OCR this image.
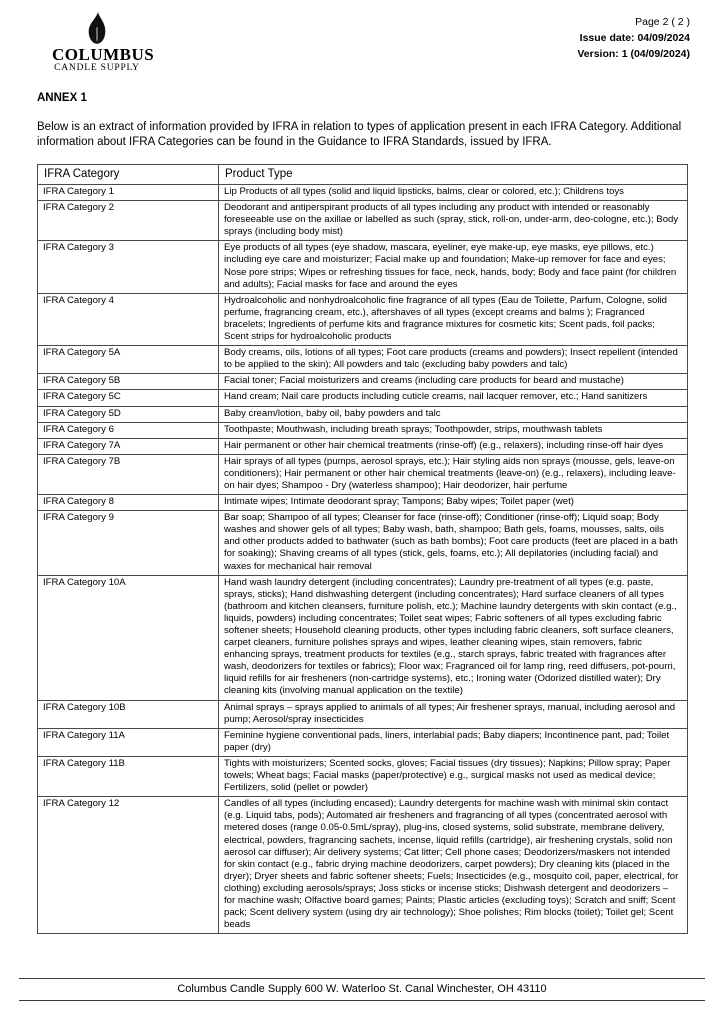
COLUMBUS
CANDLE SUPPLY
Page 2 ( 2 )
Issue date: 04/09/2024
Version: 1 (04/09/2024)
ANNEX 1
Below is an extract of information provided by IFRA in relation to types of application present in each IFRA Category. Additional information about IFRA Categories can be found in the Guidance to IFRA Standards, issued by IFRA.
IFRA Category	Product Type
IFRA Category 1	Lip Products of all types (solid and liquid lipsticks, balms, clear or colored, etc.); Childrens toys
IFRA Category 2	Deodorant and antiperspirant products of all types including any product with intended or reasonably foreseeable use on the axillae or labelled as such (spray, stick, roll-on, under-arm, deo-cologne, etc.); Body sprays (including body mist)
IFRA Category 3	Eye products of all types (eye shadow, mascara, eyeliner, eye make-up, eye masks, eye pillows, etc.) including eye care and moisturizer; Facial make up and foundation; Make-up remover for face and eyes; Nose pore strips; Wipes or refreshing tissues for face, neck, hands, body; Body and face paint (for children and adults); Facial masks for face and around the eyes
IFRA Category 4	Hydroalcoholic and nonhydroalcoholic fine fragrance of all types (Eau de Toilette, Parfum, Cologne, solid perfume, fragrancing cream, etc.), aftershaves of all types (except creams and balms ); Fragranced bracelets; Ingredients of perfume kits and fragrance mixtures for cosmetic kits; Scent pads, foil packs; Scent strips for hydroalcoholic products
IFRA Category 5A	Body creams, oils, lotions of all types; Foot care products (creams and powders); Insect repellent (intended to be applied to the skin); All powders and talc (excluding baby powders and talc)
IFRA Category 5B	Facial toner; Facial moisturizers and creams (including care products for beard and mustache)
IFRA Category 5C	Hand cream; Nail care products including cuticle creams, nail lacquer remover, etc.; Hand sanitizers
IFRA Category 5D	Baby cream/lotion, baby oil, baby powders and talc
IFRA Category 6	Toothpaste; Mouthwash, including breath sprays; Toothpowder, strips, mouthwash tablets
IFRA Category 7A	Hair permanent or other hair chemical treatments (rinse-off) (e.g., relaxers), including rinse-off hair dyes
IFRA Category 7B	Hair sprays of all types (pumps, aerosol sprays, etc.); Hair styling aids non sprays (mousse, gels, leave-on conditioners); Hair permanent or other hair chemical treatments (leave-on) (e.g., relaxers), including leave-on hair dyes; Shampoo - Dry (waterless shampoo); Hair deodorizer, hair perfume
IFRA Category 8	Intimate wipes; Intimate deodorant spray; Tampons; Baby wipes; Toilet paper (wet)
IFRA Category 9	Bar soap; Shampoo of all types; Cleanser for face (rinse-off); Conditioner (rinse-off); Liquid soap; Body washes and shower gels of all types; Baby wash, bath, shampoo; Bath gels, foams, mousses, salts, oils and other products added to bathwater (such as bath bombs); Foot care products (feet are placed in a bath for soaking); Shaving creams of all types (stick, gels, foams, etc.); All depilatories (including facial) and waxes for mechanical hair removal
IFRA Category 10A	Hand wash laundry detergent (including concentrates); Laundry pre-treatment of all types (e.g. paste, sprays, sticks); Hand dishwashing detergent (including concentrates); Hard surface cleaners of all types (bathroom and kitchen cleansers, furniture polish, etc.); Machine laundry detergents with skin contact (e.g., liquids, powders) including concentrates; Toilet seat wipes; Fabric softeners of all types excluding fabric softener sheets; Household cleaning products, other types including fabric cleaners, soft surface cleaners, carpet cleaners, furniture polishes sprays and wipes, leather cleaning wipes, stain removers, fabric enhancing sprays, treatment products for textiles (e.g., starch sprays, fabric treated with fragrances after wash, deodorizers for textiles or fabrics); Floor wax; Fragranced oil for lamp ring, reed diffusers, pot-pourri, liquid refills for air fresheners (non-cartridge systems), etc.; Ironing water (Odorized distilled water); Dry cleaning kits (involving manual application on the textile)
IFRA Category 10B	Animal sprays – sprays applied to animals of all types; Air freshener sprays, manual, including aerosol and pump; Aerosol/spray insecticides
IFRA Category 11A	Feminine hygiene conventional pads, liners, interlabial pads; Baby diapers; Incontinence pant, pad; Toilet paper (dry)
IFRA Category 11B	Tights with moisturizers; Scented socks, gloves; Facial tissues (dry tissues); Napkins; Pillow spray; Paper towels; Wheat bags; Facial masks (paper/protective) e.g., surgical masks not used as medical device; Fertilizers, solid (pellet or powder)
IFRA Category 12	Candles of all types (including encased); Laundry detergents for machine wash with minimal skin contact (e.g. Liquid tabs, pods); Automated air fresheners and fragrancing of all types (concentrated aerosol with metered doses (range 0.05-0.5mL/spray), plug-ins, closed systems, solid substrate, membrane delivery, electrical, powders, fragrancing sachets, incense, liquid refills (cartridge), air freshening crystals, solid non aerosol car diffuser); Air delivery systems; Cat litter; Cell phone cases; Deodorizers/maskers not intended for skin contact (e.g., fabric drying machine deodorizers, carpet powders); Dry cleaning kits (placed in the dryer); Dryer sheets and fabric softener sheets; Fuels; Insecticides (e.g., mosquito coil, paper, electrical, for clothing) excluding aerosols/sprays; Joss sticks or incense sticks; Dishwash detergent and deodorizers – for machine wash; Olfactive board games; Paints; Plastic articles (excluding toys); Scratch and sniff; Scent pack; Scent delivery system (using dry air technology); Shoe polishes; Rim blocks (toilet); Toilet gel; Scent beads
Columbus Candle Supply 600 W. Waterloo St. Canal Winchester, OH 43110
